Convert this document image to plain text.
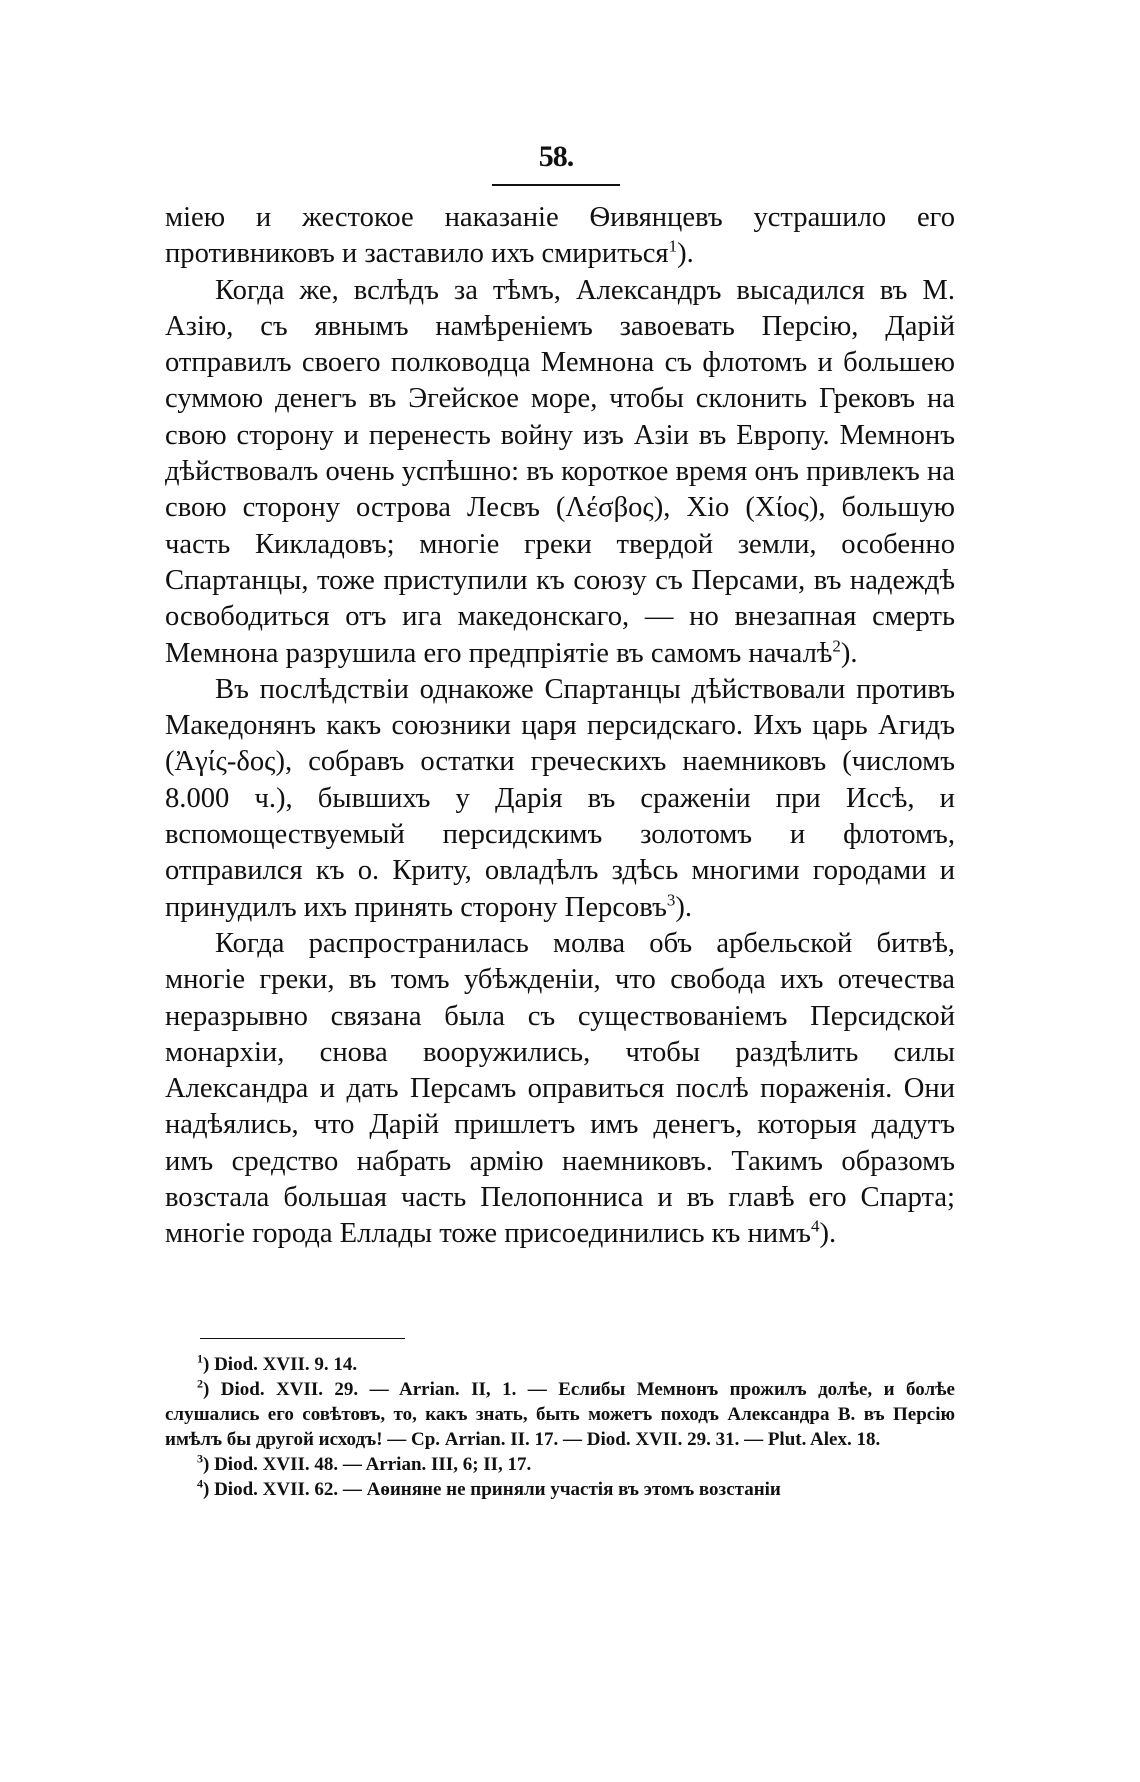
58.

міею и жестокое наказаніе Ѳивянцевъ устрашило его противниковъ и заставило ихъ смириться$^1$).

Когда же, вслѣдъ за тѣмъ, Александръ высадился въ М. Азію, съ явнымъ намѣреніемъ завоевать Персію, Дарій отправилъ своего полководца Мемнона съ флотомъ и большею суммою денегъ въ Эгейское море, чтобы склонить Грековъ на свою сторону и перенесть войну изъ Азіи въ Европу. Мемнонъ дѣйствовалъ очень успѣшно: въ короткое время онъ привлекъ на свою сторону острова Лесвъ (Λέσβος), Хіо (Χίος), большую часть Кикладовъ; многіе греки твердой земли, особенно Спартанцы, тоже приступили къ союзу съ Персами, въ надеждѣ освободиться отъ ига македонскаго, — но внезапная смерть Мемнона разрушила его предпріятіе въ самомъ началѣ$^2$).

Въ послѣдствіи однакоже Спартанцы дѣйствовали противъ Македонянъ какъ союзники царя персидскаго. Ихъ царь Агидъ (Ἀγίς-δος), собравъ остатки греческихъ наемниковъ (числомъ 8.000 ч.), бывшихъ у Дарія въ сраженіи при Иссѣ, и вспомоществуемый персидскимъ золотомъ и флотомъ, отправился къ о. Криту, овладѣлъ здѣсь многими городами и принудилъ ихъ принять сторону Персовъ$^3$).

Когда распространилась молва объ арбельской битвѣ, многіе греки, въ томъ убѣжденіи, что свобода ихъ отечества неразрывно связана была съ существованіемъ Персидской монархіи, снова вооружились, чтобы раздѣлить силы Александра и дать Персамъ оправиться послѣ пораженія. Они надѣялись, что Дарій пришлетъ имъ денегъ, которыя дадутъ имъ средство набрать армію наемниковъ. Такимъ образомъ возстала большая часть Пелопонниса и въ главѣ его Спарта; многіе города Еллады тоже присоединились къ нимъ$^4$).

$^1$) Diod. XVII. 9. 14.

$^2$) Diod. XVII. 29. — Arrian. II, 1. — Еслибы Мемнонъ прожилъ долѣе, и болѣе слушались его совѣтовъ, то, какъ знать, быть можетъ походъ Александра В. въ Персію имѣлъ бы другой исходъ! — Ср. Arrian. II. 17. — Diod. XVII. 29. 31. — Plut. Alex. 18.

$^3$) Diod. XVII. 48. — Arrian. III, 6; II, 17.

$^4$) Diod. XVII. 62. — Аѳиняне не приняли участія въ этомъ возстаніи
